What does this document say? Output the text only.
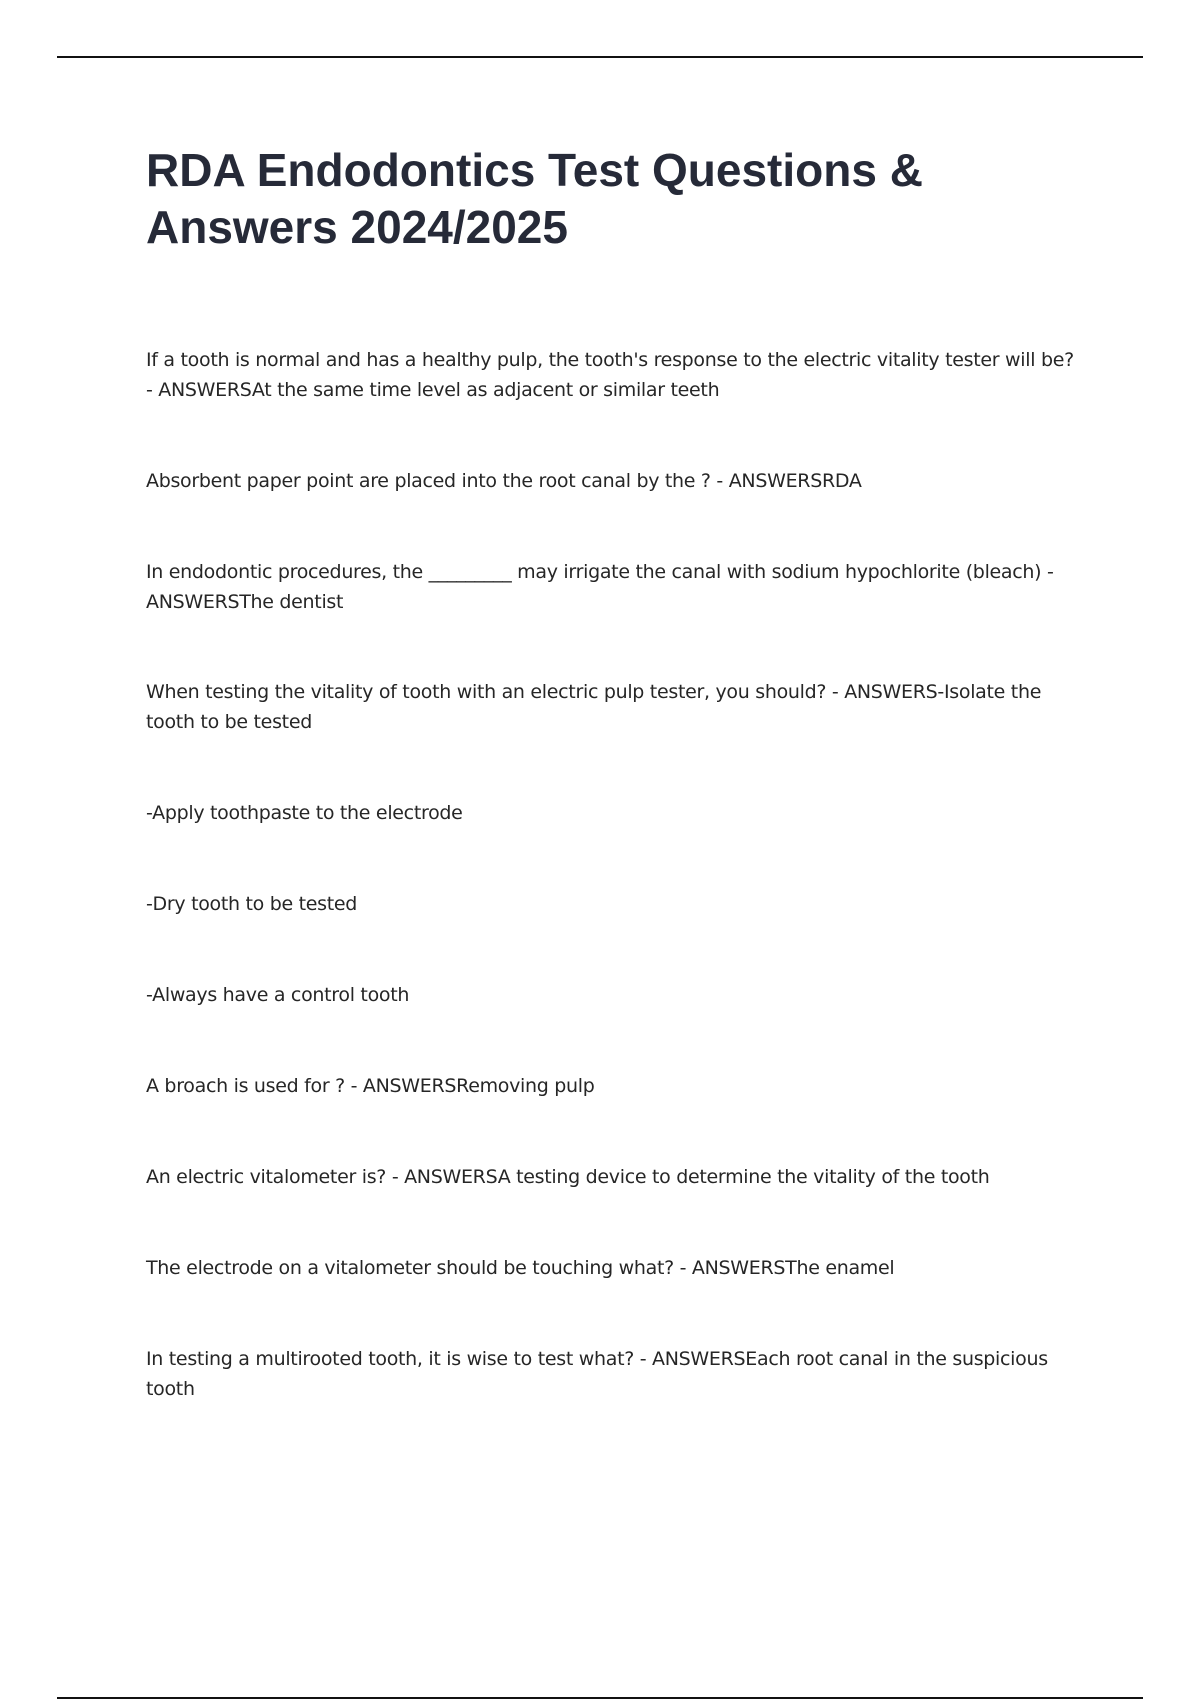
RDA Endodontics Test Questions & Answers 2024/2025

If a tooth is normal and has a healthy pulp, the tooth's response to the electric vitality tester will be? - ANSWERSAt the same time level as adjacent or similar teeth

Absorbent paper point are placed into the root canal by the ? - ANSWERSRDA

In endodontic procedures, the _________ may irrigate the canal with sodium hypochlorite (bleach) - ANSWERSThe dentist

When testing the vitality of tooth with an electric pulp tester, you should? - ANSWERS-Isolate the tooth to be tested

-Apply toothpaste to the electrode

-Dry tooth to be tested

-Always have a control tooth

A broach is used for ? - ANSWERSRemoving pulp

An electric vitalometer is? - ANSWERSA testing device to determine the vitality of the tooth

The electrode on a vitalometer should be touching what? - ANSWERSThe enamel

In testing a multirooted tooth, it is wise to test what? - ANSWERSEach root canal in the suspicious tooth
